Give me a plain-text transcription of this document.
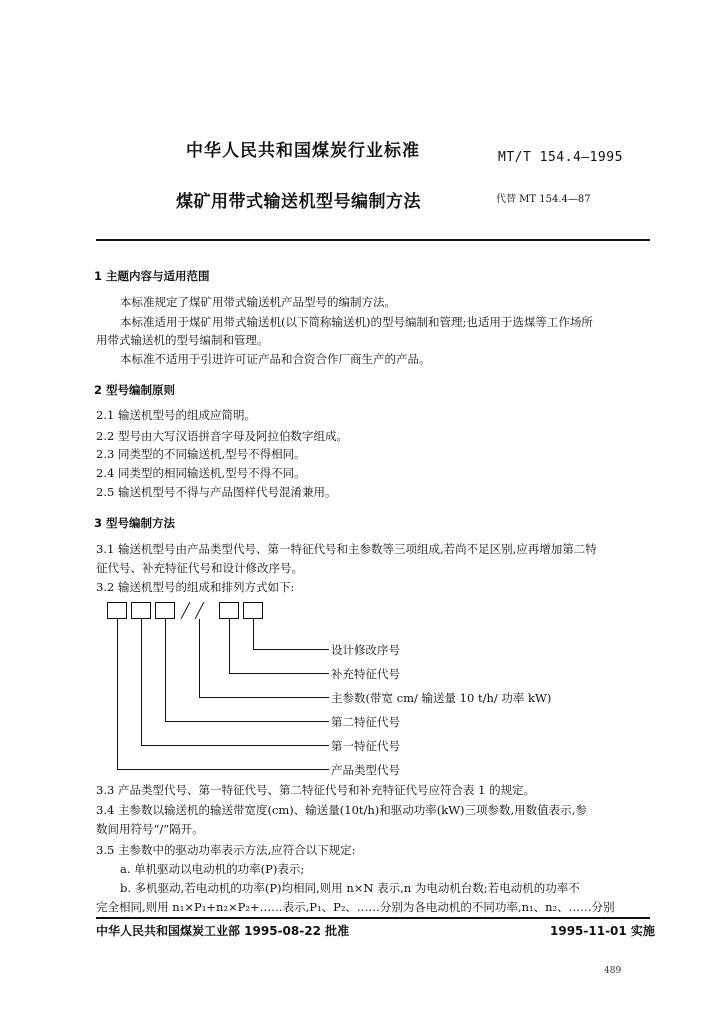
中华人民共和国煤炭行业标准	MT/T 154.4—1995
煤矿用带式输送机型号编制方法	代替 MT 154.4—87
1 主题内容与适用范围
本标准规定了煤矿用带式输送机产品型号的编制方法。
本标准适用于煤矿用带式输送机(以下简称输送机)的型号编制和管理;也适用于选煤等工作场所
用带式输送机的型号编制和管理。
本标准不适用于引进许可证产品和合资合作厂商生产的产品。
2 型号编制原则
2.1 输送机型号的组成应简明。
2.2 型号由大写汉语拼音字母及阿拉伯数字组成。
2.3 同类型的不同输送机,型号不得相同。
2.4 同类型的相同输送机,型号不得不同。
2.5 输送机型号不得与产品图样代号混淆兼用。
3 型号编制方法
3.1 输送机型号由产品类型代号、第一特征代号和主参数等三项组成,若尚不足区别,应再增加第二特
征代号、补充特征代号和设计修改序号。
3.2 输送机型号的组成和排列方式如下:
设计修改序号
补充特征代号
主参数(带宽 cm/ 输送量 10 t/h/ 功率 kW)
第二特征代号
第一特征代号
产品类型代号
3.3 产品类型代号、第一特征代号、第二特征代号和补充特征代号应符合表 1 的规定。
3.4 主参数以输送机的输送带宽度(cm)、输送量(10t/h)和驱动功率(kW)三项参数,用数值表示,参
数间用符号“/”隔开。
3.5 主参数中的驱动功率表示方法,应符合以下规定:
a. 单机驱动以电动机的功率(P)表示;
b. 多机驱动,若电动机的功率(P)均相同,则用 n×N 表示,n 为电动机台数;若电动机的功率不
完全相同,则用 n₁×P₁+n₂×P₂+……表示,P₁、P₂、……分别为各电动机的不同功率,n₁、n₂、……分别
中华人民共和国煤炭工业部 1995-08-22 批准	1995-11-01 实施
489
